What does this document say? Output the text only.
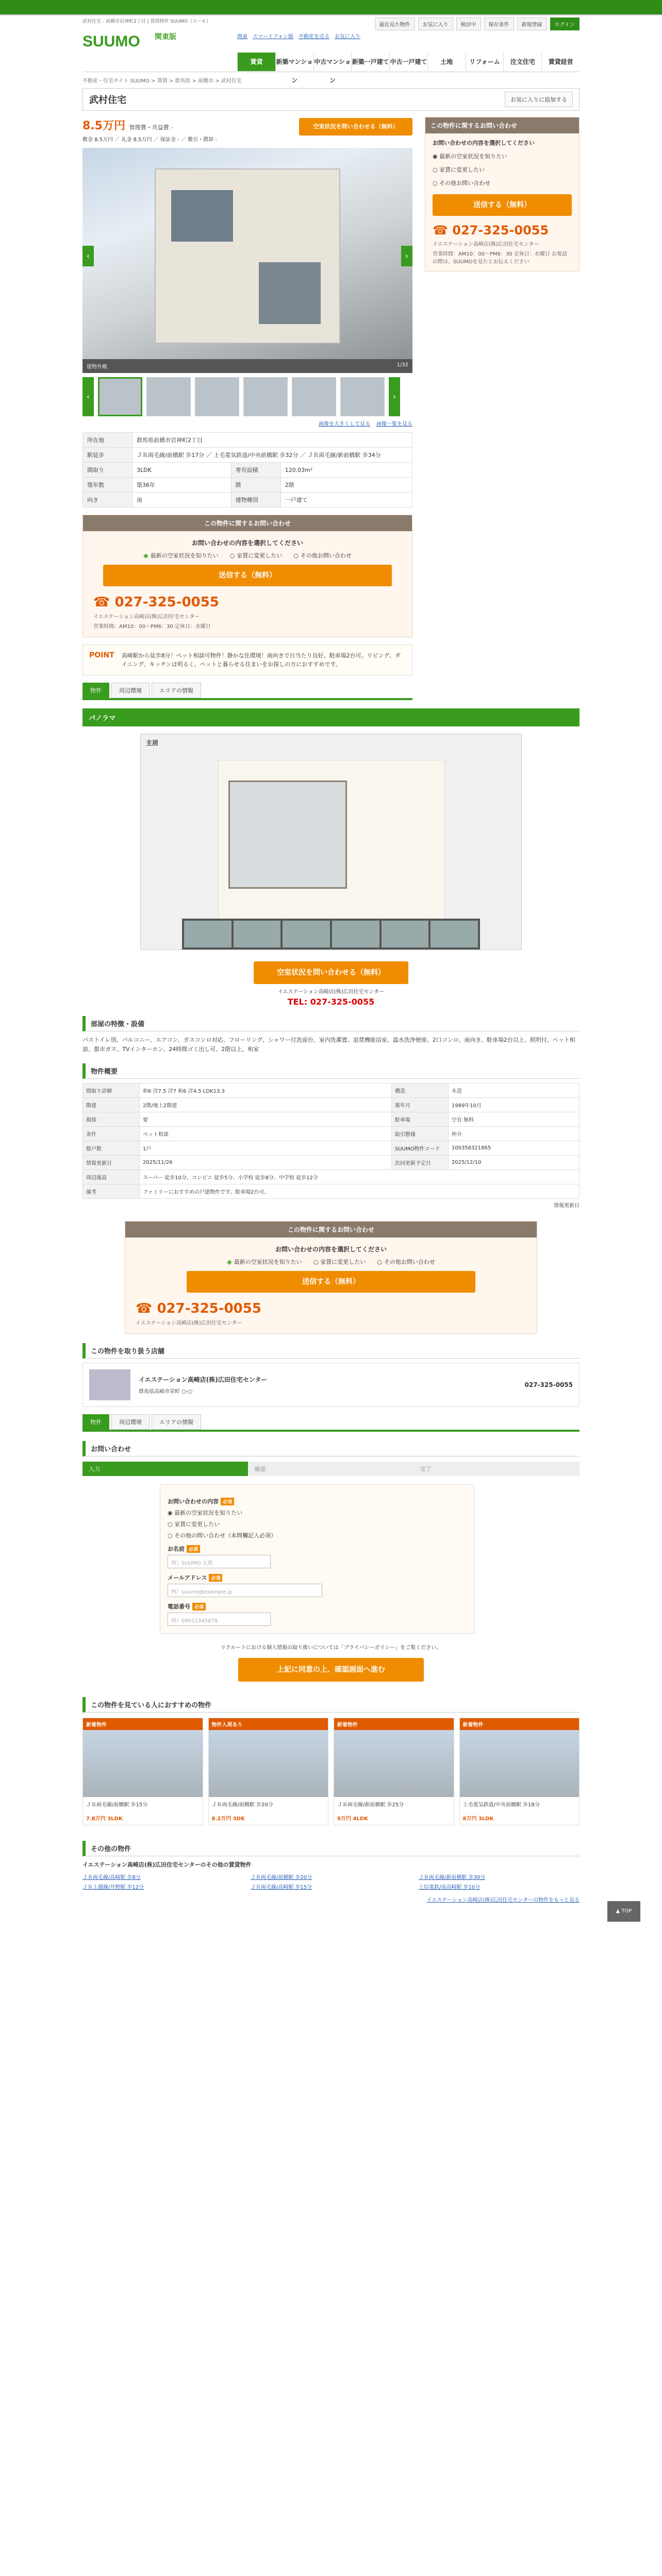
武村住宅 - 前橋市岩神町2丁目 | 賃貸物件 SUUMO（スーモ）
SUUMO 関東版
最近見た物件	お気に入り	検討中	保存条件	新規登録	ログイン
関東 スマートフォン版 不動産を売る お気に入り
賃貸	新築マンション
中古マンション
新築一戸建て 中古一戸建て	土地	リフォーム	注文住宅	賃貸経営
不動産・住宅サイト SUUMO > 賃貸 > 群馬県 > 前橋市 > 武村住宅
武村住宅	お気に入りに追加する
8.5万円 管理費・共益費 -
敷金 8.5万円 ／ 礼金 8.5万円 ／ 保証金 - ／ 敷引・償却 -
空室状況を問い合わせる（無料）
‹	›
建物外観	1/32
‹	›
画像を大きくして見る 画像一覧を見る
所在地	群馬県前橋市岩神町2丁目		
駅徒歩	ＪＲ両毛線/前橋駅 歩17分 ／ 上毛電気鉄道/中央前橋駅 歩32分 ／ ＪＲ両毛線/新前橋駅 歩34分		
間取り	3LDK	専有面積	120.03m²
築年数	築36年	階	2階
向き	南	建物種別	一戸建て
この物件に関するお問い合わせ
お問い合わせの内容を選択してください
◉ 最新の空室状況を知りたい	○ 家賃に変更したい	○ その他お問い合わせ
送信する（無料）
☎ 027-325-0055
イエステーション高崎店(株)広田住宅センター
営業時間：AM10：00～PM6：30 定休日：水曜日
POINT 高崎駅から徒歩8分！ペット相談可物件！静かな住環境！南向きで日当たり良好。駐車場2台可。リビング、ダイニング、キッチンは明るく、ペットと暮らせる住まいをお探しの方におすすめです。

物件	周辺環境	エリアの情報
この物件に関するお問い合わせ
お問い合わせの内容を選択してください
◉ 最新の空室状況を知りたい
○ 家賃に変更したい
○ その他お問い合わせ
送信する（無料）
☎ 027-325-0055
イエステーション高崎店(株)広田住宅センター
営業時間：AM10：00～PM6：30 定休日：水曜日 お電話の際は、SUUMOを見たとお伝えください
パノラマ
主居
空室状況を問い合わせる（無料）
イエステーション高崎店(株)広田住宅センター
TEL: 027-325-0055
部屋の特徴・設備

バストイレ別、バルコニー、エアコン、ガスコンロ対応、フローリング、シャワー付洗面台、室内洗濯置、追焚機能浴室、温水洗浄便座、2口コンロ、南向き、駐車場2台以上、照明付、ペット相談、都市ガス、TVインターホン、24時間ゴミ出し可、2階以上、和室

物件概要
間取り詳細	和6 洋7.5 洋7 和6 洋4.5 LDK13.3	構造	木造
階建	2階/地上2階建	築年月	1989年10月
損保	要	駐車場	空有 無料
条件	ペット相談	取引態様	仲介
総戸数	1戸	SUUMO物件コード	100358321865
情報更新日	2025/11/26	次回更新予定日	2025/12/10
周辺施設	スーパー 徒歩10分、コンビニ 徒歩5分、小学校 徒歩8分、中学校 徒歩12分		
備考	ファミリーにおすすめの戸建物件です。駐車場2台可。		
情報更新日
この物件に関するお問い合わせ
お問い合わせの内容を選択してください
◉ 最新の空室状況を知りたい	○ 家賃に変更したい	○ その他お問い合わせ
送信する（無料）
☎ 027-325-0055
イエステーション高崎店(株)広田住宅センター
この物件を取り扱う店舗
イエステーション高崎店(株)広田住宅センター
群馬県高崎市栄町 ○-○
027-325-0055
物件	周辺環境	エリアの情報
お問い合わせ
入力	確認	完了
お問い合わせの内容 必須
◉ 最新の空室状況を知りたい
○ 家賃に変更したい
○ その他の問い合わせ（本問欄記入必須）
お名前 必須
例）SUUMO 太郎
メールアドレス 必須
例）suumo@example.jp
電話番号 必須
例）09012345678

リクルートにおける個人情報の取り扱いについては「プライバシーポリシー」をご覧ください。

上記に同意の上、確認画面へ進む
この物件を見ている人におすすめの物件
新着物件

ＪＲ両毛線/前橋駅 歩15分

7.8万円 3LDK

物件入荷あり

ＪＲ両毛線/前橋駅 歩20分

8.2万円 3DK

新着物件

ＪＲ両毛線/新前橋駅 歩25分

9万円 4LDK

新着物件

上毛電気鉄道/中央前橋駅 歩18分

8万円 3LDK

その他の物件
イエステーション高崎店(株)広田住宅センターのその他の賃貸物件
ＪＲ両毛線/高崎駅 歩8分	ＪＲ両毛線/前橋駅 歩20分	ＪＲ両毛線/新前橋駅 歩30分
ＪＲ上越線/井野駅 歩12分	ＪＲ両毛線/高崎駅 歩15分	上信電鉄/南高崎駅 歩10分
イエステーション高崎店(株)広田住宅センターの物件をもっと見る
▲ TOP
